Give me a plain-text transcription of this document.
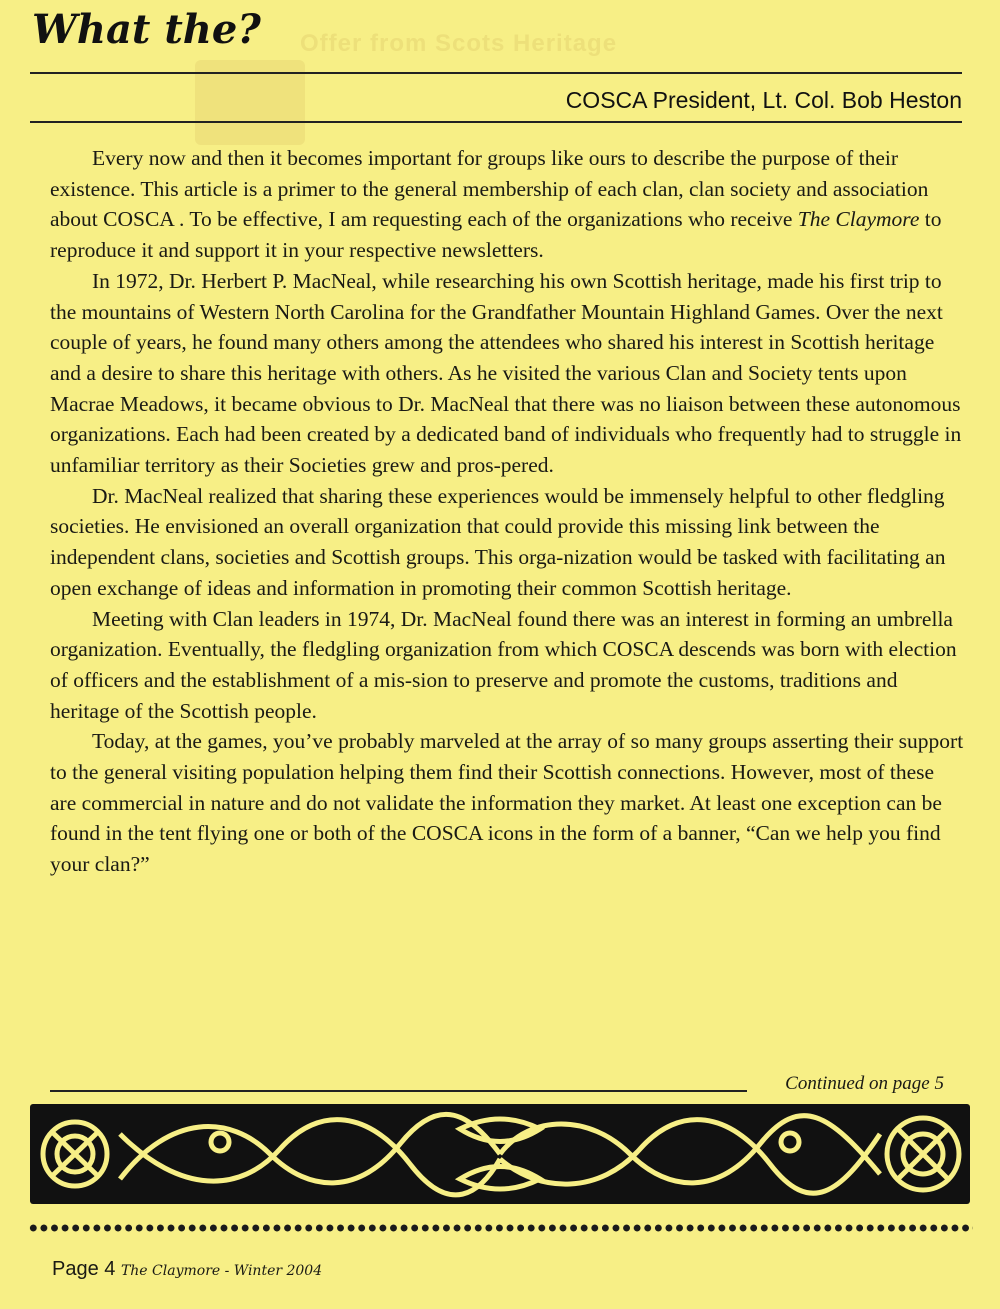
Offer from Scots Heritage
What the?
COSCA President, Lt. Col. Bob Heston

Every now and then it becomes important for groups like ours to describe the purpose of their existence. This article is a primer to the general membership of each clan, clan society and association about COSCA . To be effective, I am requesting each of the organizations who receive The Claymore to reproduce it and support it in your respective newsletters.

In 1972, Dr. Herbert P. MacNeal, while researching his own Scottish heritage, made his first trip to the mountains of Western North Carolina for the Grandfather Mountain Highland Games. Over the next couple of years, he found many others among the attendees who shared his interest in Scottish heritage and a desire to share this heritage with others. As he visited the various Clan and Society tents upon Macrae Meadows, it became obvious to Dr. MacNeal that there was no liaison between these autonomous organizations. Each had been created by a dedicated band of individuals who frequently had to struggle in unfamiliar territory as their Societies grew and pros-pered.

Dr. MacNeal realized that sharing these experiences would be immensely helpful to other fledgling societies. He envisioned an overall organization that could provide this missing link between the independent clans, societies and Scottish groups. This orga-nization would be tasked with facilitating an open exchange of ideas and information in promoting their common Scottish heritage.

Meeting with Clan leaders in 1974, Dr. MacNeal found there was an interest in forming an umbrella organization. Eventually, the fledgling organization from which COSCA descends was born with election of officers and the establishment of a mis-sion to preserve and promote the customs, traditions and heritage of the Scottish people.

Today, at the games, you’ve probably marveled at the array of so many groups asserting their support to the general visiting population helping them find their Scottish connections. However, most of these are commercial in nature and do not validate the information they market. At least one exception can be found in the tent flying one or both of the COSCA icons in the form of a banner, “Can we help you find your clan?”

Continued on page 5
Page 4 The Claymore - Winter 2004
